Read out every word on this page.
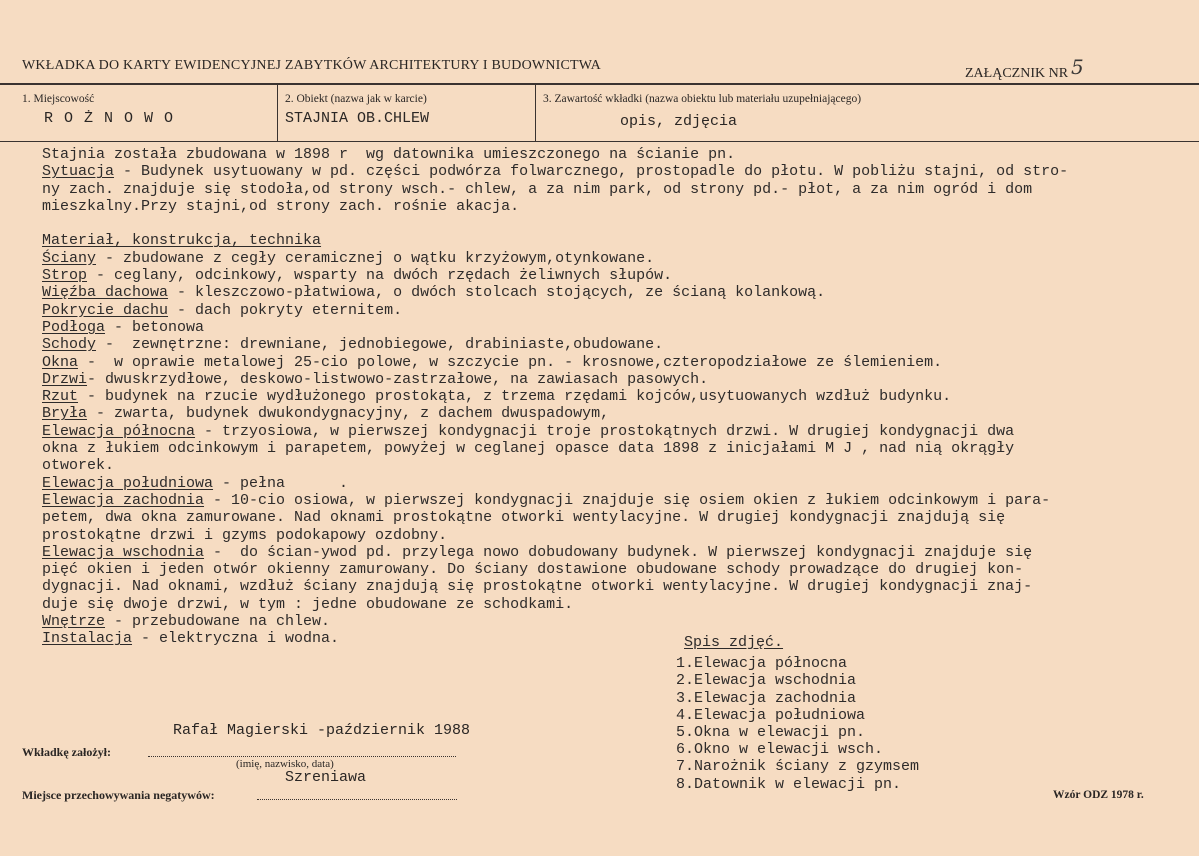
WKŁADKA DO KARTY EWIDENCYJNEJ ZABYTKÓW ARCHITEKTURY I BUDOWNICTWA
ZAŁĄCZNIK NR 5
1. Miejscowość
R O Ż N O W O
2. Obiekt (nazwa jak w karcie)
STAJNIA OB.CHLEW
3. Zawartość wkładki (nazwa obiektu lub materiału uzupełniającego)
opis, zdjęcia
Stajnia została zbudowana w 1898 r  wg datownika umieszczonego na ścianie pn.
Sytuacja - Budynek usytuowany w pd. części podwórza folwarcznego, prostopadle do płotu. W pobliżu stajni, od stro-
ny zach. znajduje się stodoła,od strony wsch.- chlew, a za nim park, od strony pd.- płot, a za nim ogród i dom
mieszkalny.Przy stajni,od strony zach. rośnie akacja.

Materiał, konstrukcja, technika
Ściany - zbudowane z cegły ceramicznej o wątku krzyżowym,otynkowane.
Strop - ceglany, odcinkowy, wsparty na dwóch rzędach żeliwnych słupów.
Więźba dachowa - kleszczowo-płatwiowa, o dwóch stolcach stojących, ze ścianą kolankową.
Pokrycie dachu - dach pokryty eternitem.
Podłoga - betonowa
Schody -  zewnętrzne: drewniane, jednobiegowe, drabiniaste,obudowane.
Okna -  w oprawie metalowej 25-cio polowe, w szczycie pn. - krosnowe,czteropodziałowe ze ślemieniem.
Drzwi- dwuskrzydłowe, deskowo-listwowo-zastrzałowe, na zawiasach pasowych.
Rzut - budynek na rzucie wydłużonego prostokąta, z trzema rzędami kojców,usytuowanych wzdłuż budynku.
Bryła - zwarta, budynek dwukondygnacyjny, z dachem dwuspadowym,
Elewacja północna - trzyosiowa, w pierwszej kondygnacji troje prostokątnych drzwi. W drugiej kondygnacji dwa
okna z łukiem odcinkowym i parapetem, powyżej w ceglanej opasce data 1898 z inicjałami M J , nad nią okrągły
otworek.
Elewacja południowa - pełna      .
Elewacja zachodnia - 10-cio osiowa, w pierwszej kondygnacji znajduje się osiem okien z łukiem odcinkowym i para-
petem, dwa okna zamurowane. Nad oknami prostokątne otworki wentylacyjne. W drugiej kondygnacji znajdują się
prostokątne drzwi i gzyms podokapowy ozdobny.
Elewacja wschodnia -  do ścian-ywod pd. przylega nowo dobudowany budynek. W pierwszej kondygnacji znajduje się
pięć okien i jeden otwór okienny zamurowany. Do ściany dostawione obudowane schody prowadzące do drugiej kon-
dygnacji. Nad oknami, wzdłuż ściany znajdują się prostokątne otworki wentylacyjne. W drugiej kondygnacji znaj-
duje się dwoje drzwi, w tym : jedne obudowane ze schodkami.
Wnętrze - przebudowane na chlew.
Instalacja - elektryczna i wodna.	Spis zdjęć.
1.Elewacja północna
2.Elewacja wschodnia
3.Elewacja zachodnia
4.Elewacja południowa
5.Okna w elewacji pn.
6.Okno w elewacji wsch.
7.Narożnik ściany z gzymsem
8.Datownik w elewacji pn.
Rafał Magierski -październik 1988
Wkładkę założył:
(imię, nazwisko, data)
Szreniawa
Miejsce przechowywania negatywów:	Wzór ODZ 1978 r.
